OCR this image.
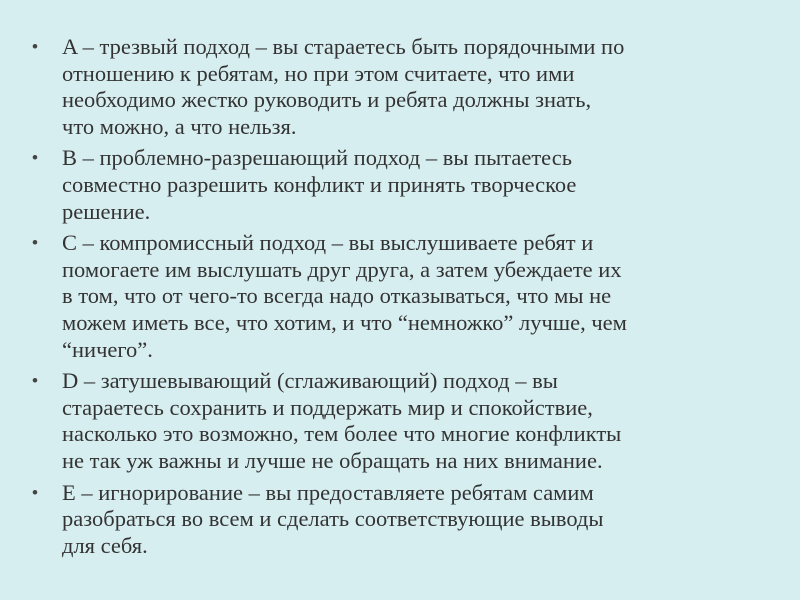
• A – трезвый подход – вы стараетесь быть порядочными по
отношению к ребятам, но при этом считаете, что ими
необходимо жестко руководить и ребята должны знать,
что можно, а что нельзя.
• B – проблемно-разрешающий подход – вы пытаетесь
совместно разрешить конфликт и принять творческое
решение.
• C – компромиссный подход – вы выслушиваете ребят и
помогаете им выслушать друг друга, а затем убеждаете их
в том, что от чего-то всегда надо отказываться, что мы не
можем иметь все, что хотим, и что “немножко” лучше, чем
“ничего”.
• D – затушевывающий (сглаживающий) подход – вы
стараетесь сохранить и поддержать мир и спокойствие,
насколько это возможно, тем более что многие конфликты
не так уж важны и лучше не обращать на них внимание.
• E – игнорирование – вы предоставляете ребятам самим
разобраться во всем и сделать соответствующие выводы
для себя.
